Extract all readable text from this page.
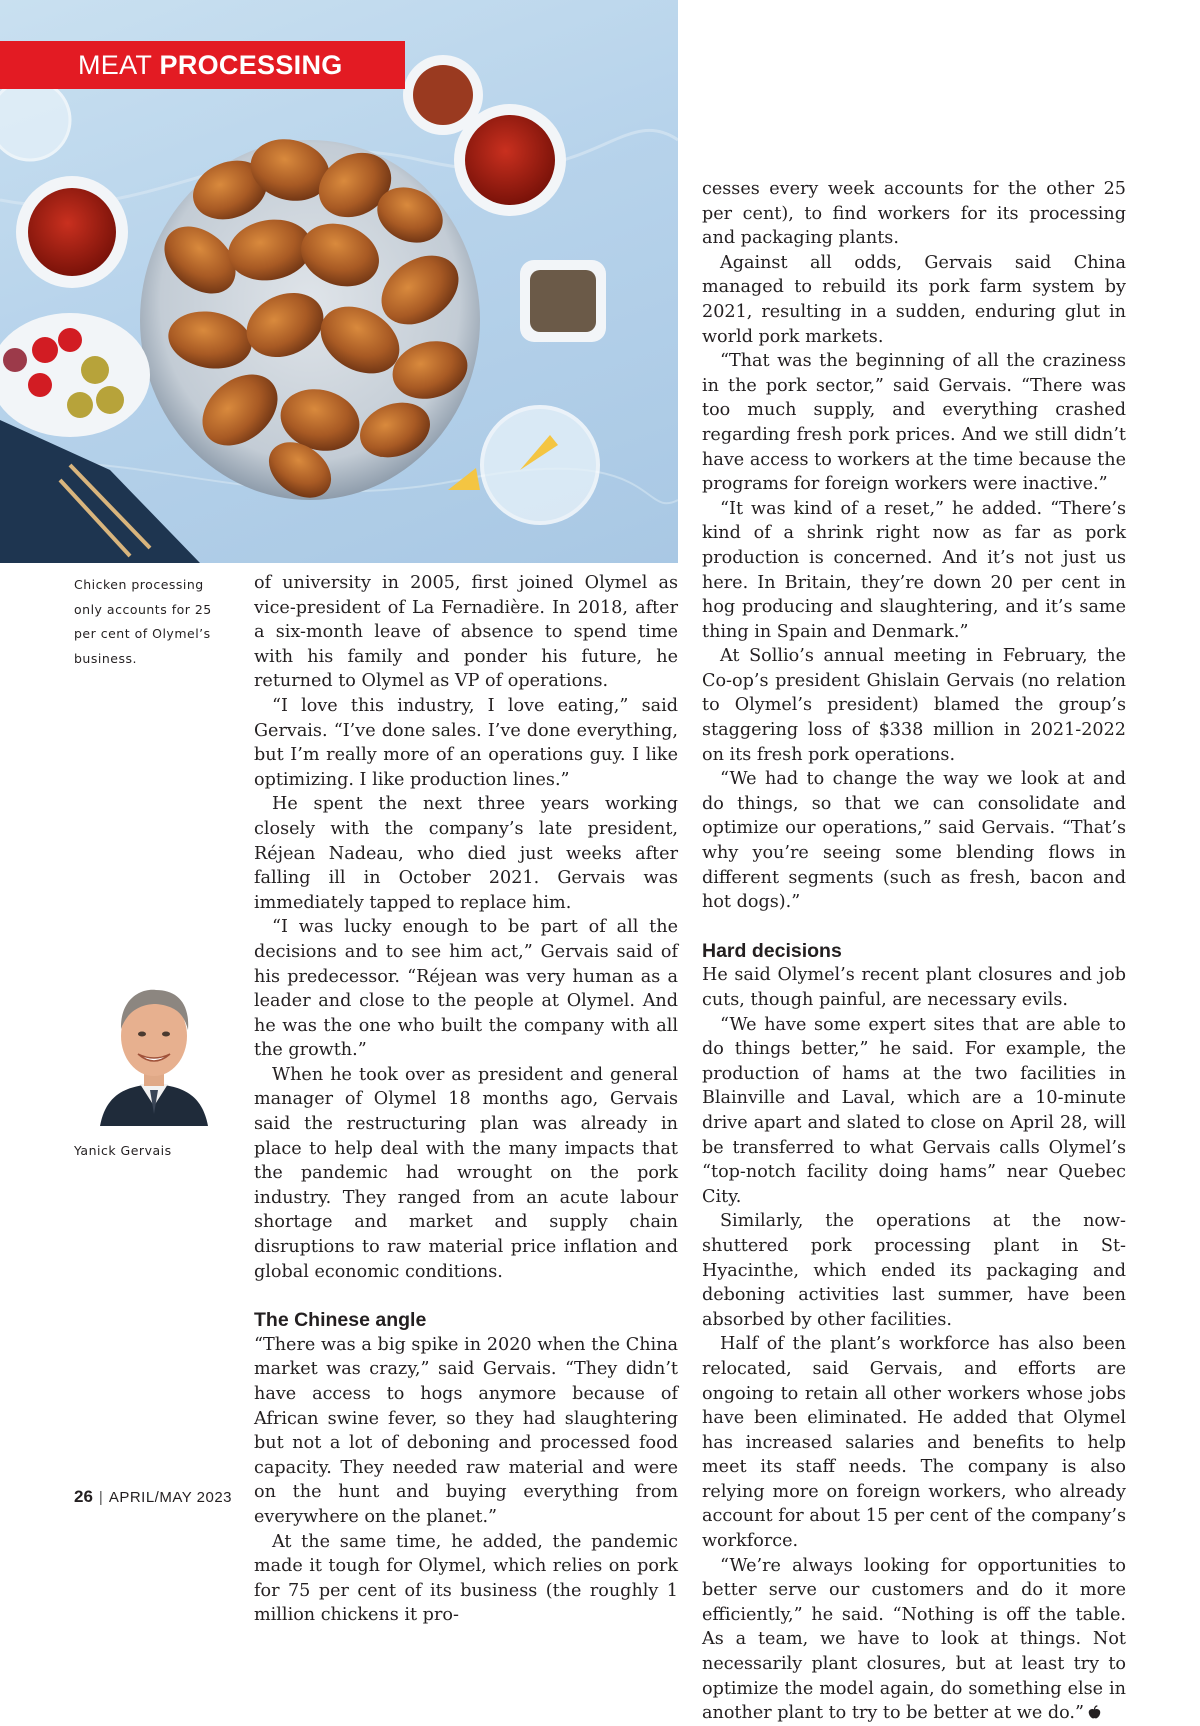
MEAT PROCESSING

Chicken processing only accounts for 25 per cent of Olymel’s business.

Yanick Gervais

of university in 2005, first joined Olymel as vice-president of La Fernadière. In 2018, after a six-month leave of absence to spend time with his family and ponder his future, he returned to Olymel as VP of operations.

“I love this industry, I love eating,” said Gervais. “I’ve done sales. I’ve done everything, but I’m really more of an operations guy. I like optimizing. I like production lines.”

He spent the next three years working closely with the company’s late president, Réjean Nadeau, who died just weeks after falling ill in October 2021. Gervais was immediately tapped to replace him.

“I was lucky enough to be part of all the decisions and to see him act,” Gervais said of his predecessor. “Réjean was very human as a leader and close to the people at Olymel. And he was the one who built the company with all the growth.”

When he took over as president and general manager of Olymel 18 months ago, Gervais said the restructuring plan was already in place to help deal with the many impacts that the pandemic had wrought on the pork industry. They ranged from an acute labour shortage and market and supply chain disruptions to raw material price inflation and global economic conditions.

The Chinese angle

“There was a big spike in 2020 when the China market was crazy,” said Gervais. “They didn’t have access to hogs anymore because of African swine fever, so they had slaughtering but not a lot of deboning and processed food capacity. They needed raw material and were on the hunt and buying everything from everywhere on the planet.”

At the same time, he added, the pandemic made it tough for Olymel, which relies on pork for 75 per cent of its business (the roughly 1 million chickens it pro-

cesses every week accounts for the other 25 per cent), to find workers for its processing and packaging plants.

Against all odds, Gervais said China managed to rebuild its pork farm system by 2021, resulting in a sudden, enduring glut in world pork markets.

“That was the beginning of all the craziness in the pork sector,” said Gervais. “There was too much supply, and everything crashed regarding fresh pork prices. And we still didn’t have access to workers at the time because the programs for foreign workers were inactive.”

“It was kind of a reset,” he added. “There’s kind of a shrink right now as far as pork production is concerned. And it’s not just us here. In Britain, they’re down 20 per cent in hog producing and slaughtering, and it’s same thing in Spain and Denmark.”

At Sollio’s annual meeting in February, the Co-op’s president Ghislain Gervais (no relation to Olymel’s president) blamed the group’s staggering loss of $338 million in 2021-2022 on its fresh pork operations.

“We had to change the way we look at and do things, so that we can consolidate and optimize our operations,” said Gervais. “That’s why you’re seeing some blending flows in different segments (such as fresh, bacon and hot dogs).”

Hard decisions

He said Olymel’s recent plant closures and job cuts, though painful, are necessary evils.

“We have some expert sites that are able to do things better,” he said. For example, the production of hams at the two facilities in Blainville and Laval, which are a 10-minute drive apart and slated to close on April 28, will be transferred to what Gervais calls Olymel’s “top-notch facility doing hams” near Quebec City.

Similarly, the operations at the now-shuttered pork processing plant in St- Hyacinthe, which ended its packaging and deboning activities last summer, have been absorbed by other facilities.

Half of the plant’s workforce has also been relocated, said Gervais, and efforts are ongoing to retain all other workers whose jobs have been eliminated. He added that Olymel has increased salaries and benefits to help meet its staff needs. The company is also relying more on foreign workers, who already account for about 15 per cent of the company’s workforce.

“We’re always looking for opportunities to better serve our customers and do it more efficiently,” he said. “Nothing is off the table. As a team, we have to look at things. Not necessarily plant closures, but at least try to optimize the model again, do something else in another plant to try to be better at we do.”

26 | APRIL/MAY 2023
